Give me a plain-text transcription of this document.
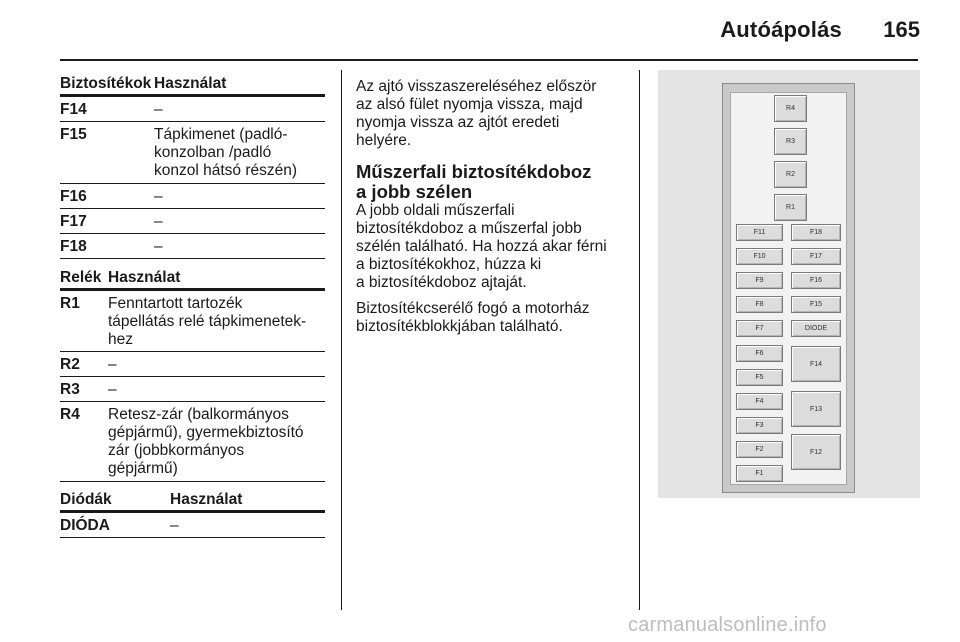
Autóápolás 165
Biztosítékok Használat
F14	–
F15	Tápkimenet (padló-
konzolban /padló
konzol hátsó részén)
F16	–
F17	–
F18	–
Relék Használat
R1 Fenntartott tartozék
tápellátás relé tápkimenetek-
hez
R2 –
R3 –
R4 Retesz-zár (balkormányos
gépjármű), gyermekbiztosító
zár (jobbkormányos
gépjármű)
Diódák	Használat
DIÓDA	–

Az ajtó visszaszereléséhez először
az alsó fület nyomja vissza, majd
nyomja vissza az ajtót eredeti
helyére.

Műszerfali biztosítékdoboz
a jobb szélen

A jobb oldali műszerfali
biztosítékdoboz a műszerfal jobb
szélén található. Ha hozzá akar férni
a biztosítékokhoz, húzza ki
a biztosítékdoboz ajtaját.

Biztosítékcserélő fogó a motorház
biztosítékblokkjában található.

R4
R3
R2
R1
F11
F10
F9
F8
F7
F6
F5
F4
F3
F2
F1
F18
F17
F16
F15
DIODE
F14
F13
F12
carmanualsonline.info
